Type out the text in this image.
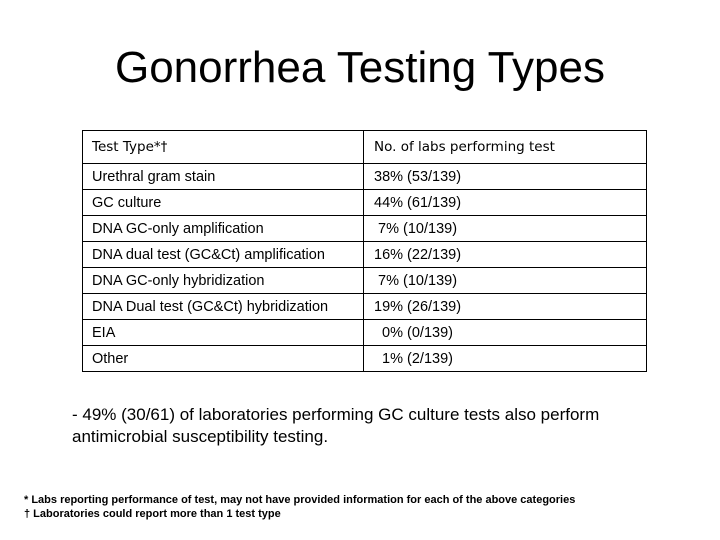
Gonorrhea Testing Types
Test Type*†	No. of labs performing test
Urethral gram stain	38% (53/139)
GC culture	44% (61/139)
DNA GC-only amplification	7% (10/139)
DNA dual test (GC&Ct) amplification	16% (22/139)
DNA GC-only hybridization	7% (10/139)
DNA Dual test (GC&Ct) hybridization	19% (26/139)
EIA	0% (0/139)
Other	1% (2/139)
- 49% (30/61) of laboratories performing GC culture tests also perform antimicrobial susceptibility testing.
* Labs reporting performance of test, may not have provided information for each of the above categories
† Laboratories could report more than 1 test type
